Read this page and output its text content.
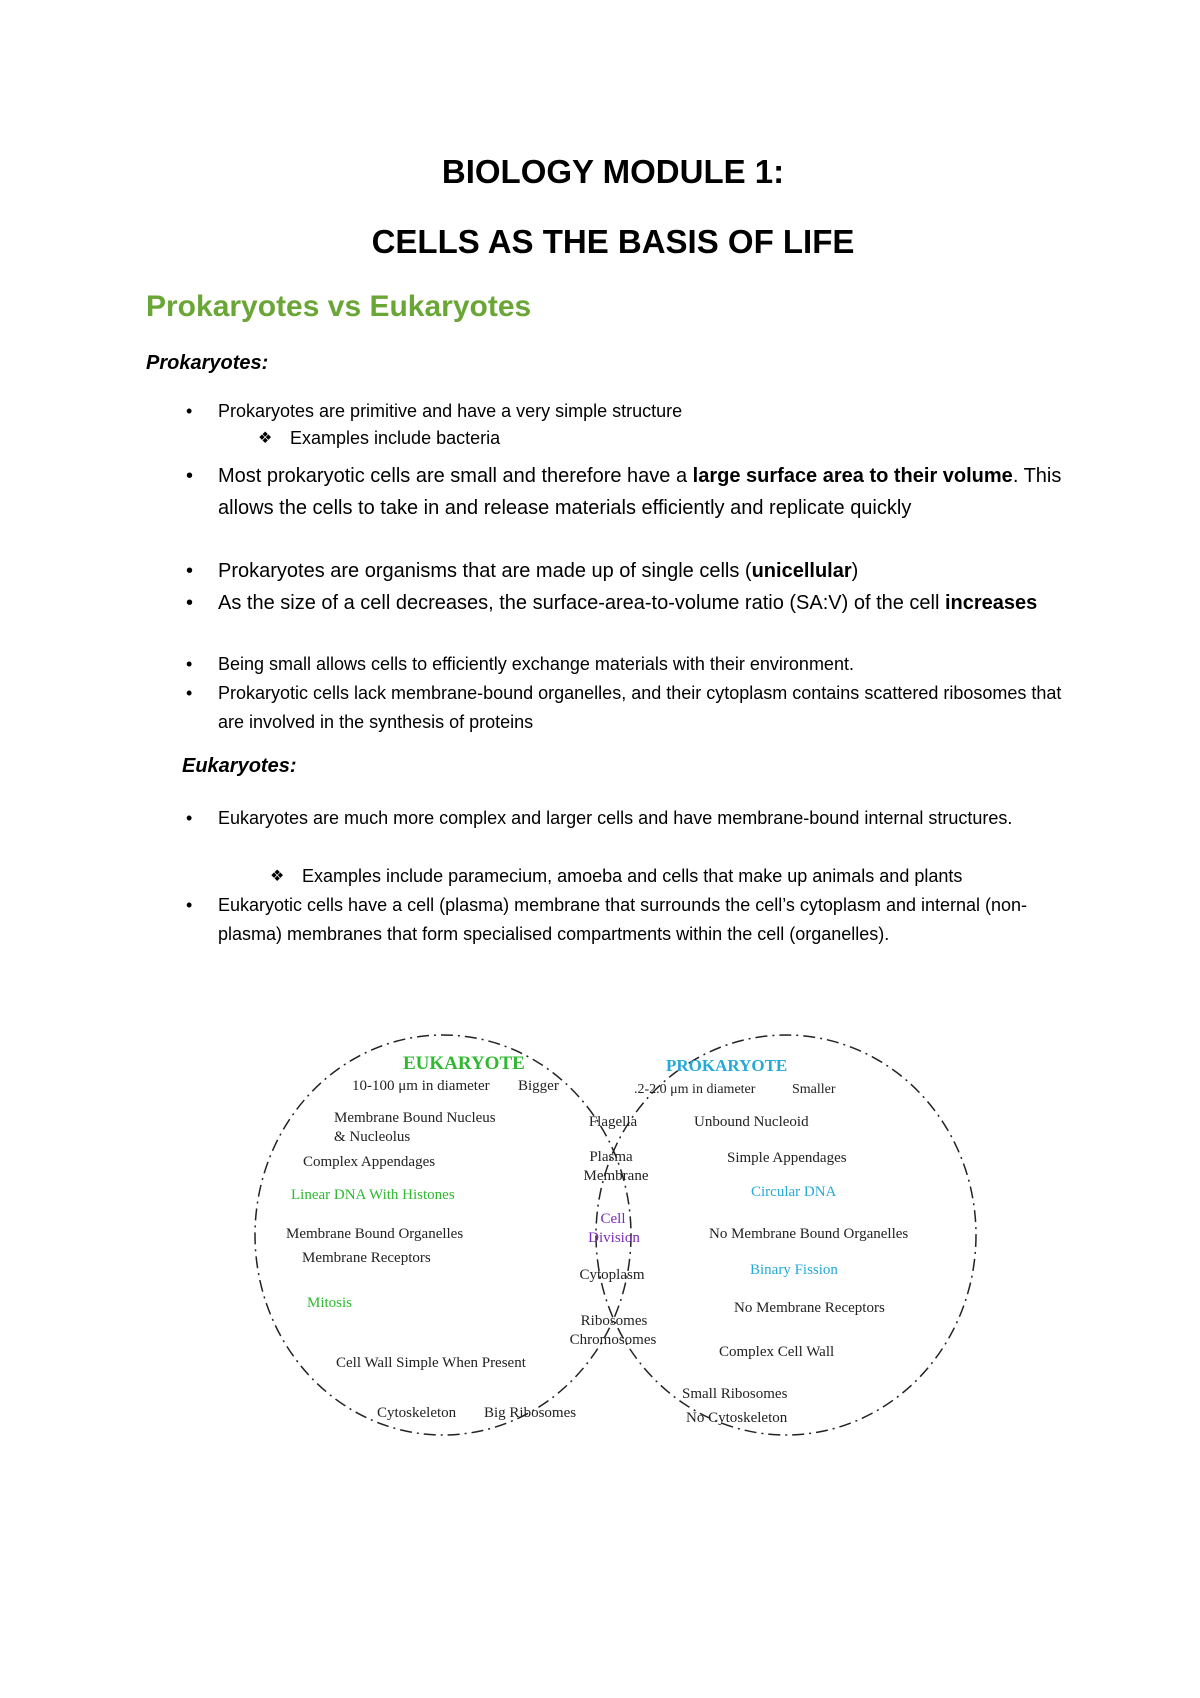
BIOLOGY MODULE 1:
CELLS AS THE BASIS OF LIFE
Prokaryotes vs Eukaryotes
Prokaryotes:
• Prokaryotes are primitive and have a very simple structure
❖ Examples include bacteria
• Most prokaryotic cells are small and therefore have a large surface area to their volume. This allows the cells to take in and release materials efficiently and replicate quickly
• Prokaryotes are organisms that are made up of single cells (unicellular)
• As the size of a cell decreases, the surface-area-to-volume ratio (SA:V) of the cell increases
• Being small allows cells to efficiently exchange materials with their environment.
• Prokaryotic cells lack membrane-bound organelles, and their cytoplasm contains scattered ribosomes that are involved in the synthesis of proteins
Eukaryotes:
• Eukaryotes are much more complex and larger cells and have membrane-bound internal structures.
❖ Examples include paramecium, amoeba and cells that make up animals and plants
• Eukaryotic cells have a cell (plasma) membrane that surrounds the cell’s cytoplasm and internal (non-plasma) membranes that form specialised compartments within the cell (organelles).
EUKARYOTE
10-100 μm in diameter Bigger
Membrane Bound Nucleus
& Nucleolus
Complex Appendages
Linear DNA With Histones
Membrane Bound Organelles
Membrane Receptors
Mitosis
Cell Wall Simple When Present
Cytoskeleton Big Ribosomes
Flagella
Plasma
Membrane
Cell
Division
Cytoplasm
Ribosomes
Chromosomes
PROKARYOTE
.2-2.0 μm in diameter	Smaller
Unbound Nucleoid
Simple Appendages
Circular DNA
No Membrane Bound Organelles
Binary Fission
No Membrane Receptors
Complex Cell Wall
Small Ribosomes
No Cytoskeleton
